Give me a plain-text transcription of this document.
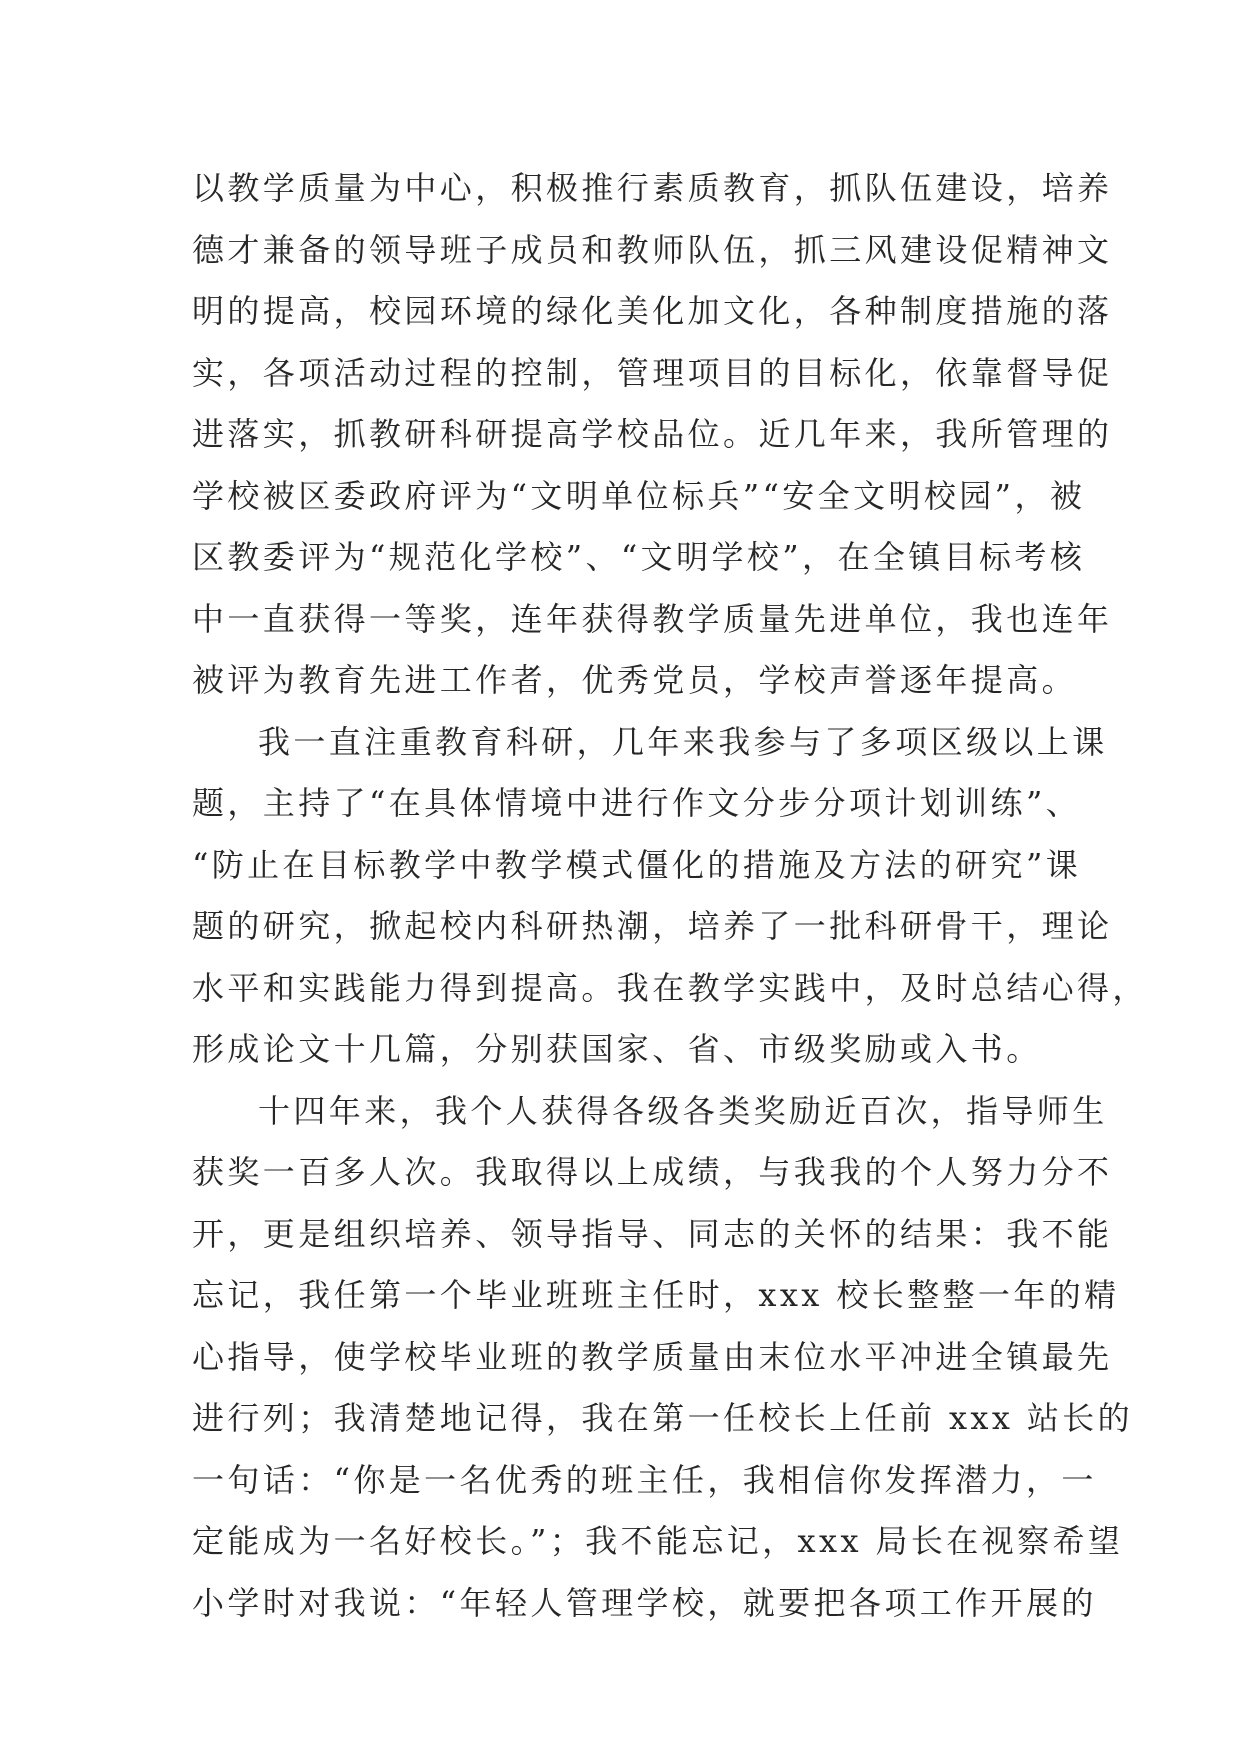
以教学质量为中心，积极推行素质教育，抓队伍建设，培养
德才兼备的领导班子成员和教师队伍，抓三风建设促精神文
明的提高，校园环境的绿化美化加文化，各种制度措施的落
实，各项活动过程的控制，管理项目的目标化，依靠督导促
进落实，抓教研科研提高学校品位。近几年来，我所管理的
学校被区委政府评为“文明单位标兵”“安全文明校园”，被
区教委评为“规范化学校”、“文明学校”，在全镇目标考核
中一直获得一等奖，连年获得教学质量先进单位，我也连年
被评为教育先进工作者，优秀党员，学校声誉逐年提高。
我一直注重教育科研，几年来我参与了多项区级以上课
题，主持了“在具体情境中进行作文分步分项计划训练”、
“防止在目标教学中教学模式僵化的措施及方法的研究”课
题的研究，掀起校内科研热潮，培养了一批科研骨干，理论
水平和实践能力得到提高。我在教学实践中，及时总结心得，
形成论文十几篇，分别获国家、省、市级奖励或入书。
十四年来，我个人获得各级各类奖励近百次，指导师生
获奖一百多人次。我取得以上成绩，与我我的个人努力分不
开，更是组织培养、领导指导、同志的关怀的结果：我不能
忘记，我任第一个毕业班班主任时，xxx 校长整整一年的精
心指导，使学校毕业班的教学质量由末位水平冲进全镇最先
进行列；我清楚地记得，我在第一任校长上任前 xxx 站长的
一句话：“你是一名优秀的班主任，我相信你发挥潜力，一
定能成为一名好校长。”；我不能忘记，xxx 局长在视察希望
小学时对我说：“年轻人管理学校，就要把各项工作开展的
